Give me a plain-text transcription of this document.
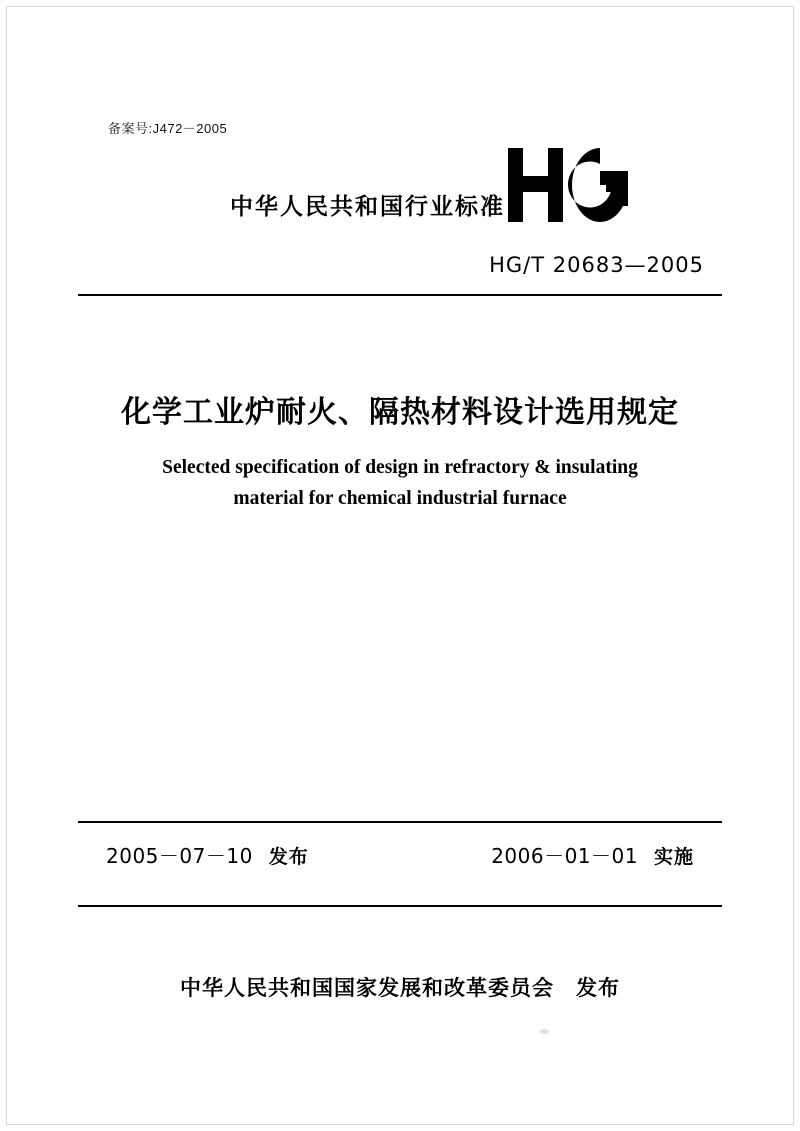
备案号:J472－2005
中华人民共和国行业标准
HG/T 20683—2005
化学工业炉耐火、隔热材料设计选用规定
Selected specification of design in refractory & insulating
material for chemical industrial furnace
2005－07－10 发布	2006－01－01 实施
中华人民共和国国家发展和改革委员会 发布
